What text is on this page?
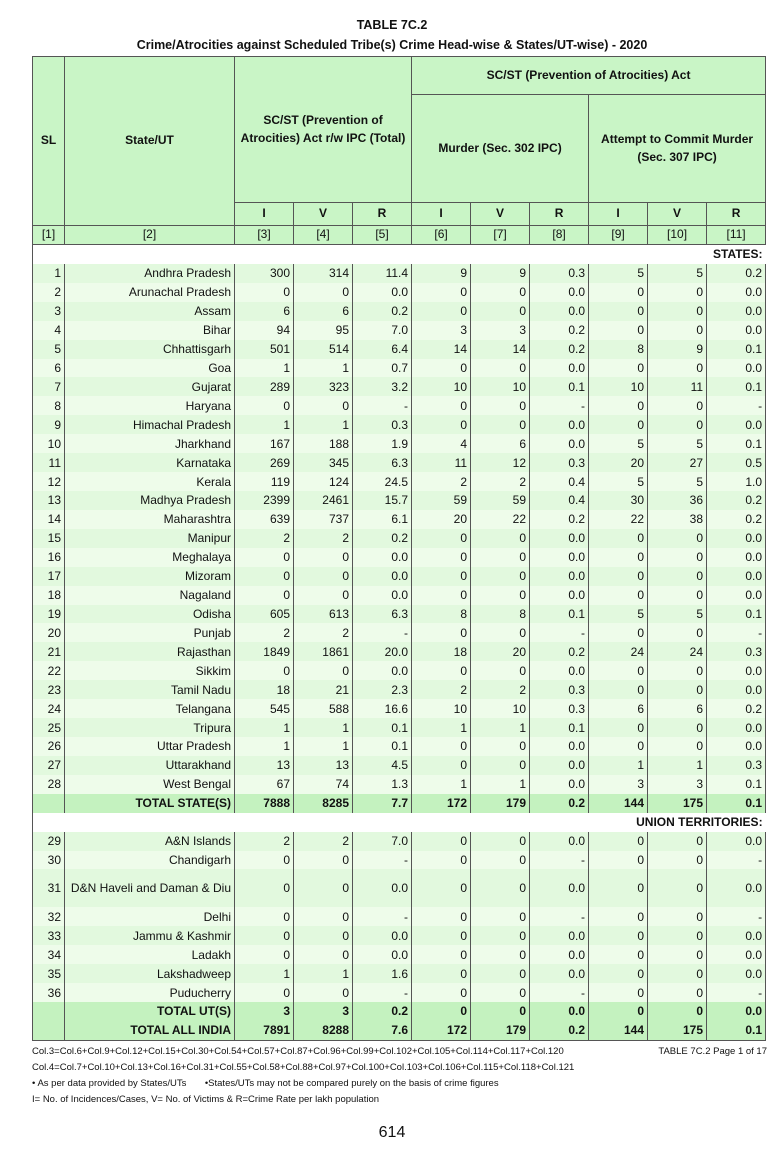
TABLE 7C.2
Crime/Atrocities against Scheduled Tribe(s) Crime Head-wise & States/UT-wise) - 2020
SL	State/UT	SC/ST (Prevention of Atrocities) Act r/w IPC (Total)			SC/ST (Prevention of Atrocities) Act					
					Murder (Sec. 302 IPC)			Attempt to Commit Murder (Sec. 307 IPC)		
		I	V	R	I	V	R	I	V	R
[1]	[2]	[3]	[4]	[5]	[6]	[7]	[8]	[9]	[10]	[11]
STATES:										
1	Andhra Pradesh	300	314	11.4	9	9	0.3	5	5	0.2
2	Arunachal Pradesh	0	0	0.0	0	0	0.0	0	0	0.0
3	Assam	6	6	0.2	0	0	0.0	0	0	0.0
4	Bihar	94	95	7.0	3	3	0.2	0	0	0.0
5	Chhattisgarh	501	514	6.4	14	14	0.2	8	9	0.1
6	Goa	1	1	0.7	0	0	0.0	0	0	0.0
7	Gujarat	289	323	3.2	10	10	0.1	10	11	0.1
8	Haryana	0	0	-	0	0	-	0	0	-
9	Himachal Pradesh	1	1	0.3	0	0	0.0	0	0	0.0
10	Jharkhand	167	188	1.9	4	6	0.0	5	5	0.1
11	Karnataka	269	345	6.3	11	12	0.3	20	27	0.5
12	Kerala	119	124	24.5	2	2	0.4	5	5	1.0
13	Madhya Pradesh	2399	2461	15.7	59	59	0.4	30	36	0.2
14	Maharashtra	639	737	6.1	20	22	0.2	22	38	0.2
15	Manipur	2	2	0.2	0	0	0.0	0	0	0.0
16	Meghalaya	0	0	0.0	0	0	0.0	0	0	0.0
17	Mizoram	0	0	0.0	0	0	0.0	0	0	0.0
18	Nagaland	0	0	0.0	0	0	0.0	0	0	0.0
19	Odisha	605	613	6.3	8	8	0.1	5	5	0.1
20	Punjab	2	2	-	0	0	-	0	0	-
21	Rajasthan	1849	1861	20.0	18	20	0.2	24	24	0.3
22	Sikkim	0	0	0.0	0	0	0.0	0	0	0.0
23	Tamil Nadu	18	21	2.3	2	2	0.3	0	0	0.0
24	Telangana	545	588	16.6	10	10	0.3	6	6	0.2
25	Tripura	1	1	0.1	1	1	0.1	0	0	0.0
26	Uttar Pradesh	1	1	0.1	0	0	0.0	0	0	0.0
27	Uttarakhand	13	13	4.5	0	0	0.0	1	1	0.3
28	West Bengal	67	74	1.3	1	1	0.0	3	3	0.1
	TOTAL STATE(S)	7888	8285	7.7	172	179	0.2	144	175	0.1
UNION TERRITORIES:										
29	A&N Islands	2	2	7.0	0	0	0.0	0	0	0.0
30	Chandigarh	0	0	-	0	0	-	0	0	-
31	D&N Haveli and Daman & Diu	0	0	0.0	0	0	0.0	0	0	0.0
32	Delhi	0	0	-	0	0	-	0	0	-
33	Jammu & Kashmir	0	0	0.0	0	0	0.0	0	0	0.0
34	Ladakh	0	0	0.0	0	0	0.0	0	0	0.0
35	Lakshadweep	1	1	1.6	0	0	0.0	0	0	0.0
36	Puducherry	0	0	-	0	0	-	0	0	-
	TOTAL UT(S)	3	3	0.2	0	0	0.0	0	0	0.0
	TOTAL ALL INDIA	7891	8288	7.6	172	179	0.2	144	175	0.1
Col.3=Col.6+Col.9+Col.12+Col.15+Col.30+Col.54+Col.57+Col.87+Col.96+Col.99+Col.102+Col.105+Col.114+Col.117+Col.120	TABLE 7C.2 Page 1 of 17
Col.4=Col.7+Col.10+Col.13+Col.16+Col.31+Col.55+Col.58+Col.88+Col.97+Col.100+Col.103+Col.106+Col.115+Col.118+Col.121
• As per data provided by States/UTs •States/UTs may not be compared purely on the basis of crime figures
I= No. of Incidences/Cases, V= No. of Victims & R=Crime Rate per lakh population
614
